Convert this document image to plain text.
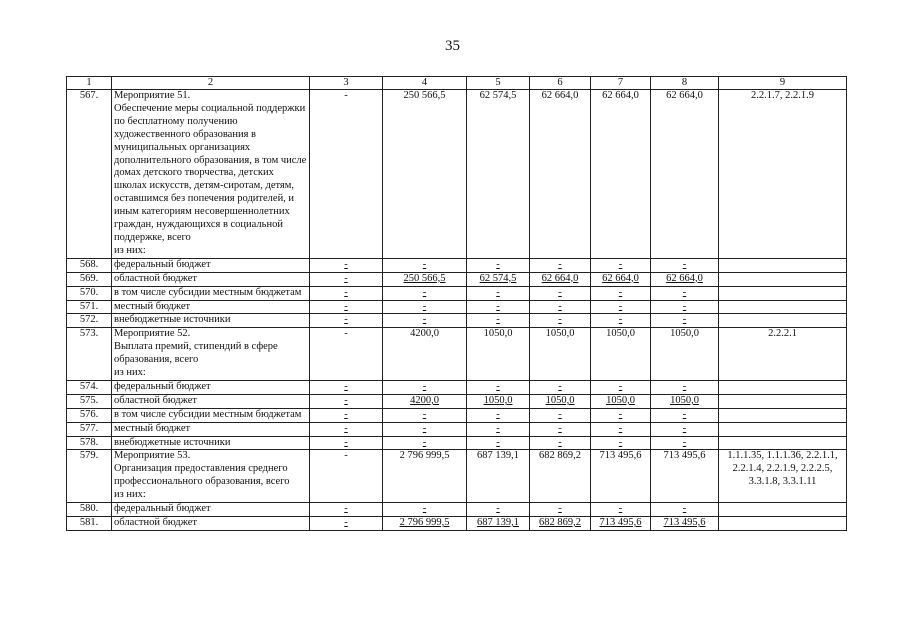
35
1	2	3	4	5	6	7	8	9
567.	Мероприятие 51.
Обеспечение меры социальной поддержки по бесплатному получению художественного образования в муниципальных организациях дополнительного образования, в том числе домах детского творчества, детских школах искусств, детям-сиротам, детям, оставшимся без попечения родителей, и иным категориям несовершеннолетних граждан, нуждающихся в социальной поддержке, всего
из них:	-	250 566,5	62 574,5	62 664,0	62 664,0	62 664,0	2.2.1.7, 2.2.1.9
568.	федеральный бюджет	-	-	-	-	-	-	
569.	областной бюджет	-	250 566,5	62 574,5	62 664,0	62 664,0	62 664,0	
570.	в том числе субсидии местным бюджетам	-	-	-	-	-	-	
571.	местный бюджет	-	-	-	-	-	-	
572.	внебюджетные источники	-	-	-	-	-	-	
573.	Мероприятие 52.
Выплата премий, стипендий в сфере образования, всего
из них:	-	4200,0	1050,0	1050,0	1050,0	1050,0	2.2.2.1
574.	федеральный бюджет	-	-	-	-	-	-	
575.	областной бюджет	-	4200,0	1050,0	1050,0	1050,0	1050,0	
576.	в том числе субсидии местным бюджетам	-	-	-	-	-	-	
577.	местный бюджет	-	-	-	-	-	-	
578.	внебюджетные источники	-	-	-	-	-	-	
579.	Мероприятие 53.
Организация предоставления среднего профессионального образования, всего
из них:	-	2 796 999,5	687 139,1	682 869,2	713 495,6	713 495,6	1.1.1.35, 1.1.1.36, 2.2.1.1,
2.2.1.4, 2.2.1.9, 2.2.2.5,
3.3.1.8, 3.3.1.11
580.	федеральный бюджет	-	-	-	-	-	-	
581.	областной бюджет	-	2 796 999,5	687 139,1	682 869,2	713 495,6	713 495,6	
